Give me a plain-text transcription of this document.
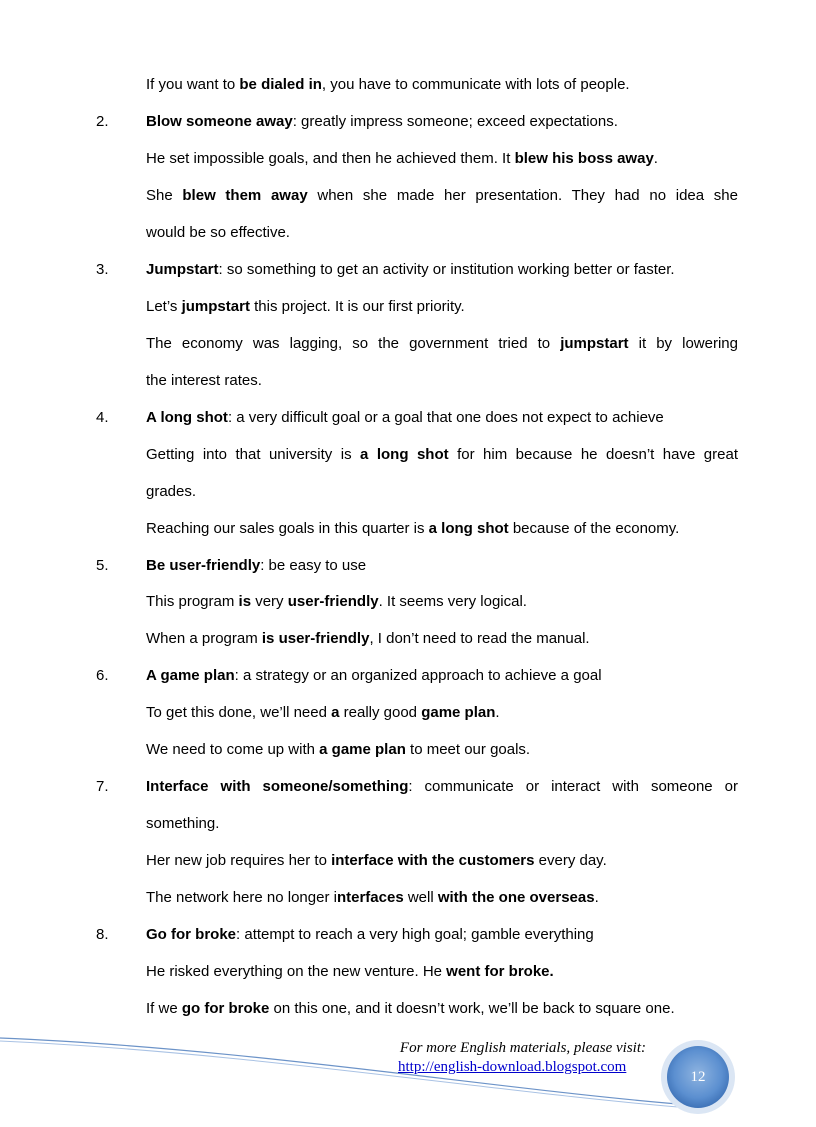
If you want to be dialed in, you have to communicate with lots of people.
Blow someone away: greatly impress someone; exceed expectations.
2.
He set impossible goals, and then he achieved them. It blew his boss away.
She blew them away when she made her presentation. They had no idea she
would be so effective.
Jumpstart: so something to get an activity or institution working better or faster.
3.
Let’s jumpstart this project. It is our first priority.
The economy was lagging, so the government tried to jumpstart it by lowering
the interest rates.
A long shot: a very difficult goal or a goal that one does not expect to achieve
4.
Getting into that university is a long shot for him because he doesn’t have great
grades.
Reaching our sales goals in this quarter is a long shot because of the economy.
Be user-friendly: be easy to use
5.
This program is very user-friendly. It seems very logical.
When a program is user-friendly, I don’t need to read the manual.
A game plan: a strategy or an organized approach to achieve a goal
6.
To get this done, we’ll need a really good game plan.
We need to come up with a game plan to meet our goals.
Interface with someone/something: communicate or interact with someone or
7.
something.
Her new job requires her to interface with the customers every day.
The network here no longer interfaces well with the one overseas.
Go for broke: attempt to reach a very high goal; gamble everything
8.
He risked everything on the new venture. He went for broke.
If we go for broke on this one, and it doesn’t work, we’ll be back to square one.
For more English materials, please visit:
http://english-download.blogspot.com
12
